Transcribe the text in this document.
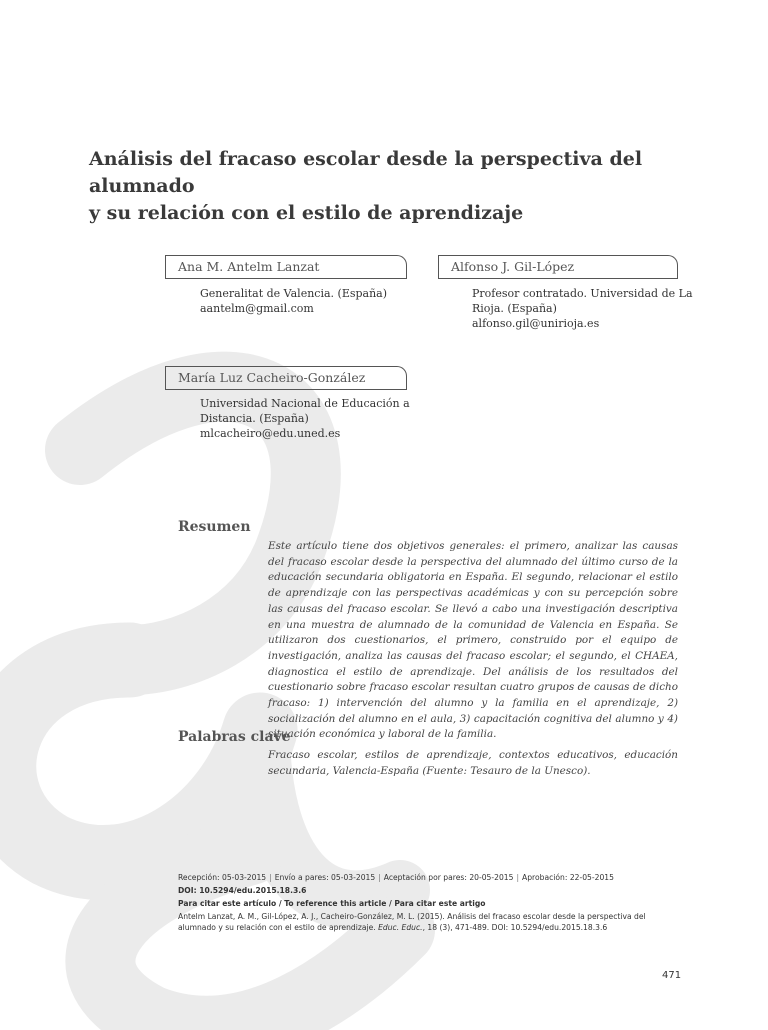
Análisis del fracaso escolar desde la perspectiva del alumnado
y su relación con el estilo de aprendizaje
Ana M. Antelm Lanzat
Generalitat de Valencia. (España)
aantelm@gmail.com
Alfonso J. Gil-López
Profesor contratado. Universidad de La
Rioja. (España)
alfonso.gil@unirioja.es
María Luz Cacheiro-González
Universidad Nacional de Educación a
Distancia. (España)
mlcacheiro@edu.uned.es
Resumen

Este artículo tiene dos objetivos generales: el primero, analizar las causas del fracaso escolar desde la perspectiva del alumnado del último curso de la educación secundaria obligatoria en España. El segundo, relacionar el estilo de aprendizaje con las perspectivas académicas y con su percepción sobre las causas del fracaso escolar. Se llevó a cabo una investigación descriptiva en una muestra de alumnado de la comunidad de Valencia en España. Se utilizaron dos cuestionarios, el primero, construido por el equipo de investigación, analiza las causas del fracaso escolar; el segundo, el CHAEA, diagnostica el estilo de aprendizaje. Del análisis de los resultados del cuestionario sobre fracaso escolar resultan cuatro grupos de causas de dicho fracaso: 1) intervención del alumno y la familia en el aprendizaje, 2) socialización del alumno en el aula, 3) capacitación cognitiva del alumno y 4) situación económica y laboral de la familia.

Palabras clave

Fracaso escolar, estilos de aprendizaje, contextos educativos, educación secundaria, Valencia-España (Fuente: Tesauro de la Unesco).

Recepción: 05-03-2015 | Envío a pares: 05-03-2015 | Aceptación por pares: 20-05-2015 | Aprobación: 22-05-2015
DOI: 10.5294/edu.2015.18.3.6
Para citar este artículo / To reference this article / Para citar este artigo
Antelm Lanzat, A. M., Gil-López, A. J., Cacheiro-González, M. L. (2015). Análisis del fracaso escolar desde la perspectiva del alumnado y su relación con el estilo de aprendizaje. Educ. Educ., 18 (3), 471-489. DOI: 10.5294/edu.2015.18.3.6
471
